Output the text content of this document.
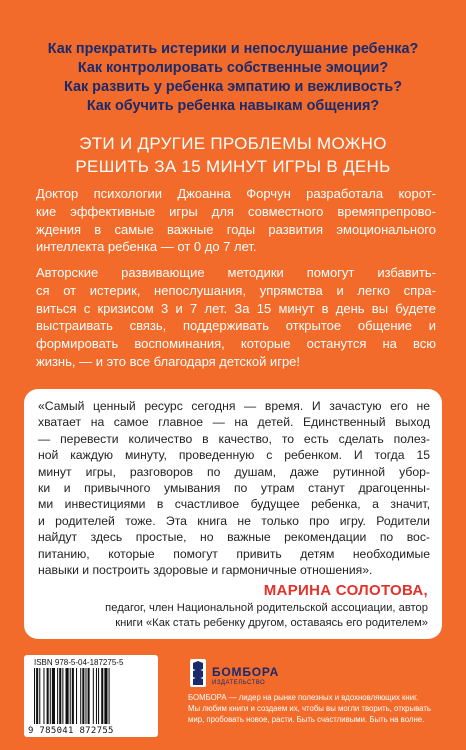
Как прекратить истерики и непослушание ребенка?
Как контролировать собственные эмоции?
Как развить у ребенка эмпатию и вежливость?
Как обучить ребенка навыкам общения?
ЭТИ И ДРУГИЕ ПРОБЛЕМЫ МОЖНО
РЕШИТЬ ЗА 15 МИНУТ ИГРЫ В ДЕНЬ
Доктор психологии Джоанна Форчун разработала корот-
кие эффективные игры для совместного времяпрепрово-
ждения в самые важные годы развития эмоционального
интеллекта ребенка — от 0 до 7 лет.
Авторские развивающие методики помогут избавить-
ся от истерик, непослушания, упрямства и легко спра-
виться с кризисом 3 и 7 лет. За 15 минут в день вы будете
выстраивать связь, поддерживать открытое общение и
формировать воспоминания, которые останутся на всю
жизнь, — и это все благодаря детской игре!
«Самый ценный ресурс сегодня — время. И зачастую его не
хватает на самое главное — на детей. Единственный выход
— перевести количество в качество, то есть сделать полез-
ной каждую минуту, проведенную с ребенком. И тогда 15
минут игры, разговоров по душам, даже рутинной убор-
ки и привычного умывания по утрам станут драгоценны-
ми инвестициями в счастливое будущее ребенка, а значит,
и родителей тоже. Эта книга не только про игру. Родители
найдут здесь простые, но важные рекомендации по вос-
питанию, которые помогут привить детям необходимые
навыки и построить здоровые и гармоничные отношения».
МАРИНА СОЛОТОВА,
педагог, член Национальной родительской ассоциации, автор
книги «Как стать ребенку другом, оставаясь его родителем»
ISBN 978-5-04-187275-5
9 785041 872755
БОМБОРА
ИЗДАТЕЛЬСТВО
БОМБОРА — лидер на рынке полезных и вдохновляющих книг.
Мы любим книги и создаем их, чтобы вы могли творить, открывать
мир, пробовать новое, расти. Быть счастливыми. Быть на волне.
